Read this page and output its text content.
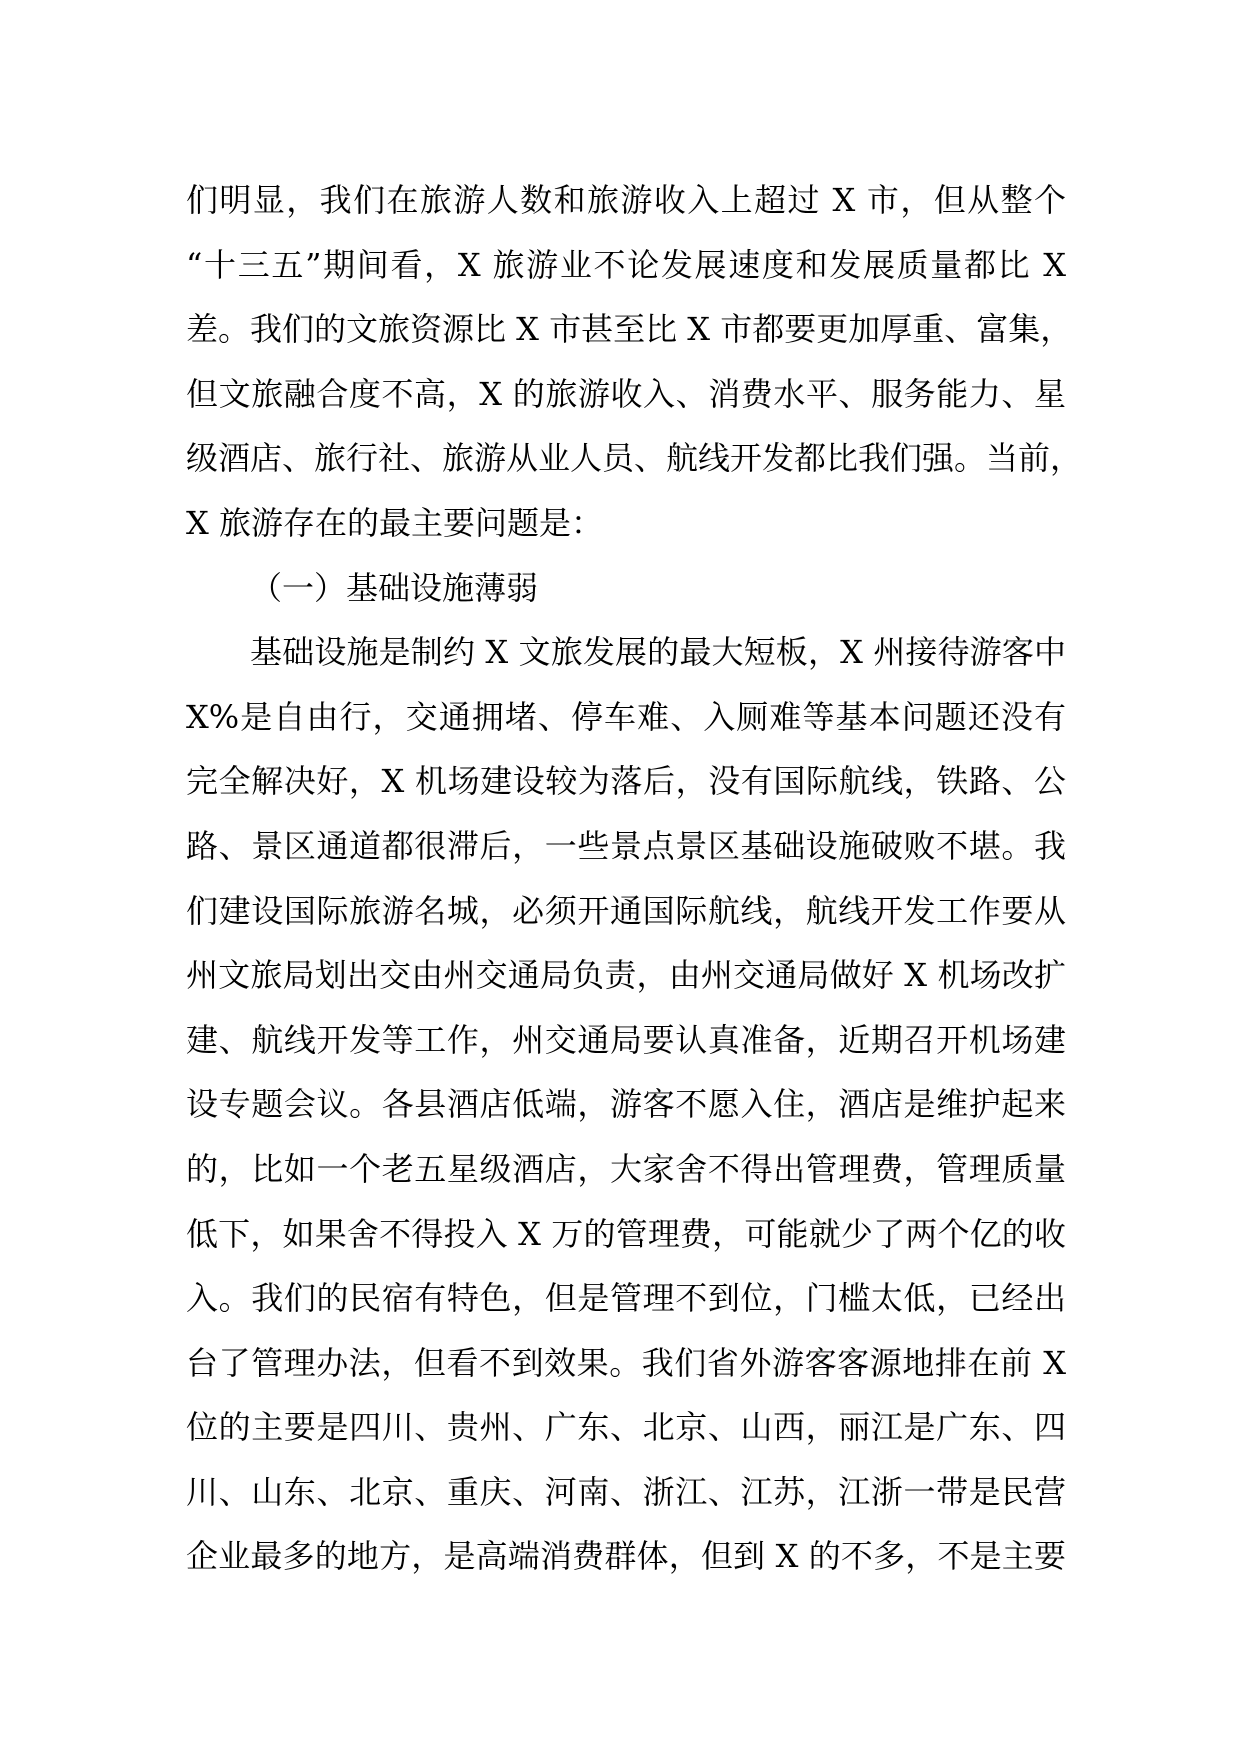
们明显，我们在旅游人数和旅游收入上超过 X 市，但从整个
“十三五”期间看，X 旅游业不论发展速度和发展质量都比 X
差。我们的文旅资源比 X 市甚至比 X 市都要更加厚重、富集，
但文旅融合度不高，X 的旅游收入、消费水平、服务能力、星
级酒店、旅行社、旅游从业人员、航线开发都比我们强。当前，
X 旅游存在的最主要问题是：
（一）基础设施薄弱
基础设施是制约 X 文旅发展的最大短板，X 州接待游客中
X%是自由行，交通拥堵、停车难、入厕难等基本问题还没有
完全解决好，X 机场建设较为落后，没有国际航线，铁路、公
路、景区通道都很滞后，一些景点景区基础设施破败不堪。我
们建设国际旅游名城，必须开通国际航线，航线开发工作要从
州文旅局划出交由州交通局负责，由州交通局做好 X 机场改扩
建、航线开发等工作，州交通局要认真准备，近期召开机场建
设专题会议。各县酒店低端，游客不愿入住，酒店是维护起来
的，比如一个老五星级酒店，大家舍不得出管理费，管理质量
低下，如果舍不得投入 X 万的管理费，可能就少了两个亿的收
入。我们的民宿有特色，但是管理不到位，门槛太低，已经出
台了管理办法，但看不到效果。我们省外游客客源地排在前 X
位的主要是四川、贵州、广东、北京、山西，丽江是广东、四
川、山东、北京、重庆、河南、浙江、江苏，江浙一带是民营
企业最多的地方，是高端消费群体，但到 X 的不多，不是主要
